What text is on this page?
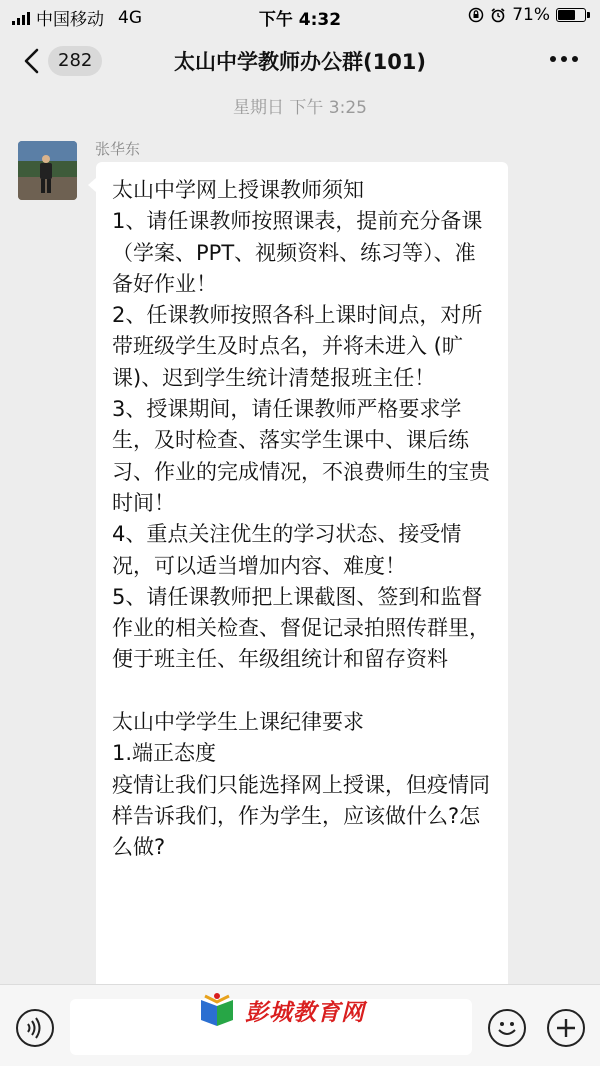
中国移动 4G	下午 4:32	71%
282	太山中学教师办公群(101)
星期日 下午 3:25
张华东
太山中学网上授课教师须知
1、请任课教师按照课表，提前充分备课（学案、PPT、视频资料、练习等）、准备好作业！
2、任课教师按照各科上课时间点，对所带班级学生及时点名，并将未进入 (旷课)、迟到学生统计清楚报班主任！
3、授课期间，请任课教师严格要求学生，及时检查、落实学生课中、课后练习、作业的完成情况，不浪费师生的宝贵时间！
4、重点关注优生的学习状态、接受情况，可以适当增加内容、难度！
5、请任课教师把上课截图、签到和监督作业的相关检查、督促记录拍照传群里，便于班主任、年级组统计和留存资料

太山中学学生上课纪律要求
1.端正态度
疫情让我们只能选择网上授课，但疫情同样告诉我们，作为学生，应该做什么?怎么做?
彭城教育网
